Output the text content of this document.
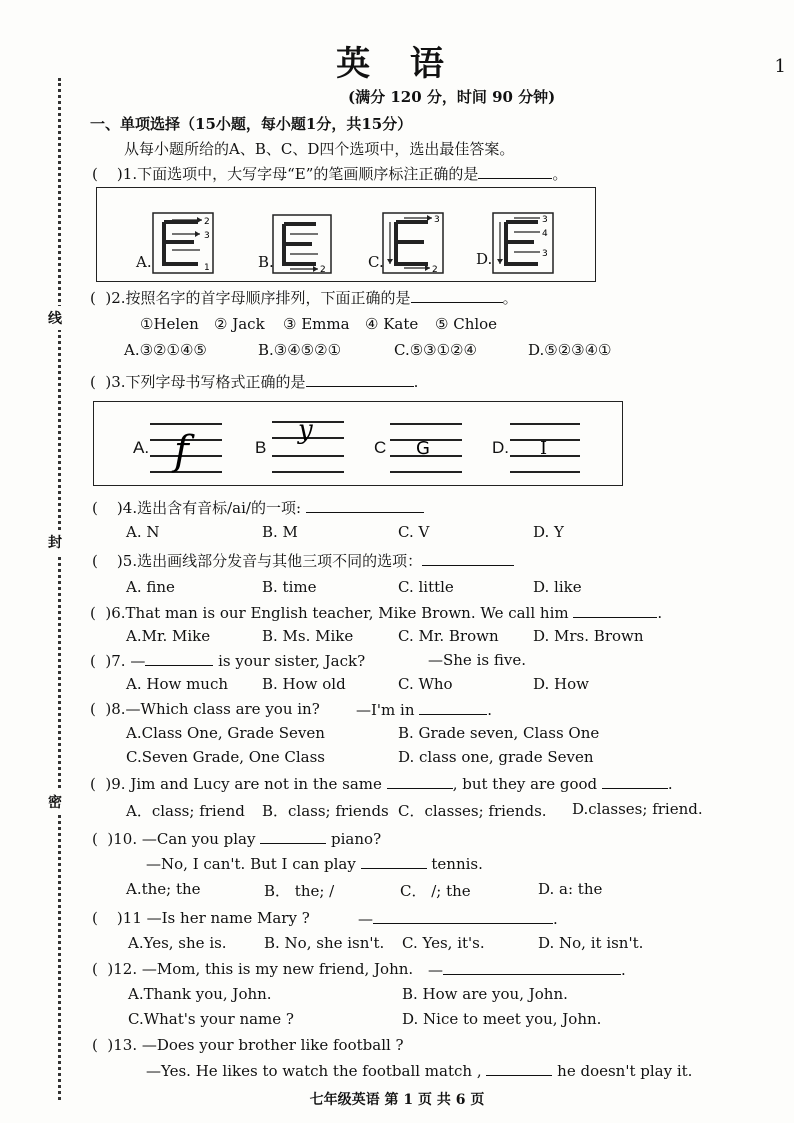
英 语	1
(满分 120 分，时间 90 分钟)
线
封
密
一、单项选择（15小题，每小题1分，共15分）
从每小题所给的A、B、C、D四个选项中，选出最佳答案。
(    )1.下面选项中，大写字母“E”的笔画顺序标注正确的是	。
A.
2
3
1	B.	2	C.
3
2
D.
3
4
3
(  )2.按照名字的首字母顺序排列，下面正确的是	。
①Helen ② Jack ③ Emma ④ Kate ⑤ Chloe
A.③②①④⑤	B.③④⑤②①	C.⑤③①②④	D.⑤②③④①
(  )3.下列字母书写格式正确的是	.
A. f	B
y
C G	D. I
(    )4.选出含有音标/ai/的一项:
A. N	B. M	C. V	D. Y
(    )5.选出画线部分发音与其他三项不同的选项：
A. fine	B. time	C. little	D. like
(  )6.That man is our English teacher, Mike Brown. We call him	.
A.Mr. Mike	B. Ms. Mike	C. Mr. Brown D. Mrs. Brown
(  )7. —	is your sister, Jack?	—She is five.
A. How much B. How old	C. Who	D. How
(  )8.—Which class are you in? —I'm in	.
A.Class One, Grade Seven	B. Grade seven, Class One
C.Seven Grade, One Class	D. class one, grade Seven
(  )9. Jim and Lucy are not in the same	, but they are good	.
A．class; friend B．class; friends C．classes; friends. D.classes; friend.
(  )10. —Can you play	piano?
—No, I can't. But I can play	tennis.
A.the; the	B． the; /	C． /; the	D. a: the
(    )11 —Is her name Mary ?	—	.
A.Yes, she is. B. No, she isn't. C. Yes, it's.	D. No, it isn't.
(  )12. —Mom, this is my new friend, John. —	.
A.Thank you, John.	B. How are you, John.
C.What's your name ?	D. Nice to meet you, John.
(  )13. —Does your brother like football ?
—Yes. He likes to watch the football match ,	he doesn't play it.
七年级英语 第 1 页 共 6 页
